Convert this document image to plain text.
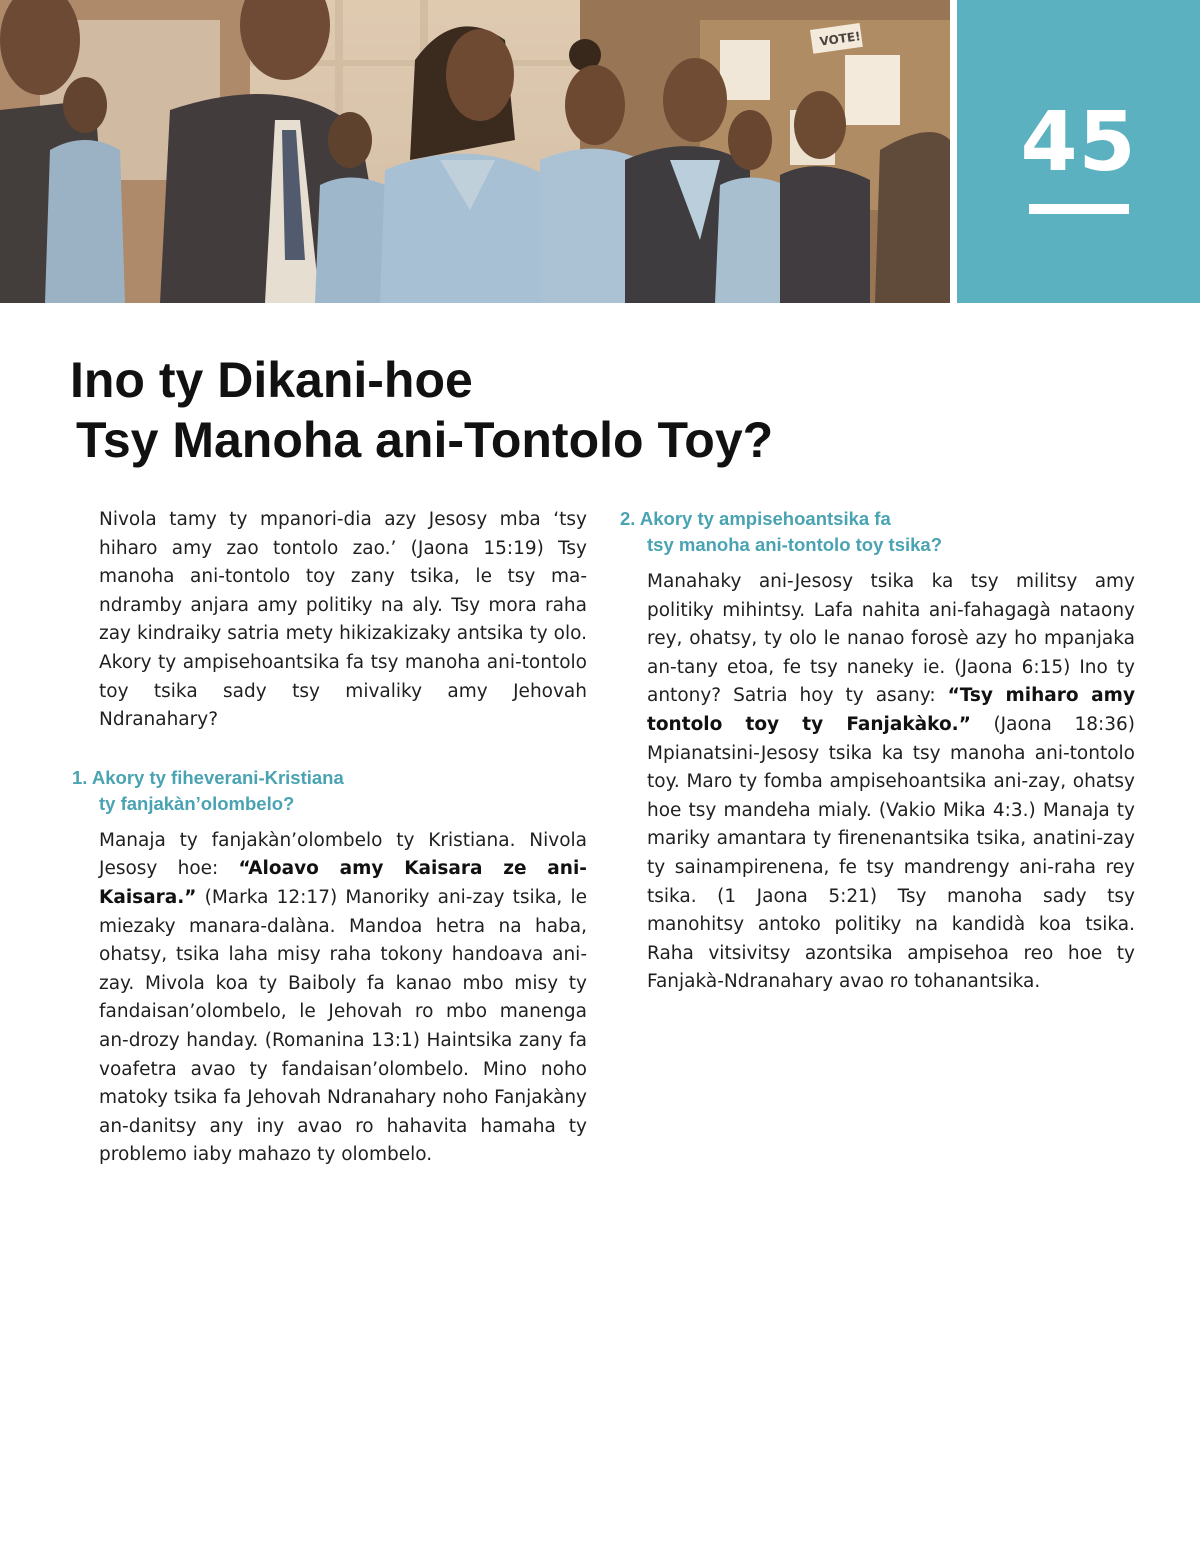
VOTE!
45
Ino ty Dikani-hoe
Tsy Manoha ani-Tontolo Toy?

Nivola tamy ty mpanori-dia azy Jesosy mba ‘tsy hiharo amy zao tontolo zao.’ (Jaona 15:19) Tsy manoha ani-tontolo toy zany tsika, le tsy mandramby anjara amy politiky na aly. Tsy mora raha zay kindraiky satria mety hikizakizaky antsika ty olo. Akory ty ampisehoantsika fa tsy manoha ani-tontolo toy tsika sady tsy mivaliky amy Jehovah Ndranahary?

1. Akory ty fiheverani-Kristiana
ty fanjakàn’olombelo?

Manaja ty fanjakàn’olombelo ty Kristiana. Nivola Jesosy hoe: “Aloavo amy Kaisara ze ani-Kaisara.” (Marka 12:17) Manoriky ani-zay tsika, le miezaky manara-dalàna. Mandoa hetra na haba, ohatsy, tsika laha misy raha tokony handoava ani-zay. Mivola koa ty Baiboly fa kanao mbo misy ty fandaisan’olombelo, le Jehovah ro mbo manenga an-drozy handay. (Romanina 13:1) Haintsika zany fa voafetra avao ty fandaisan’olombelo. Mino noho matoky tsika fa Jehovah Ndranahary noho Fanjakàny an-danitsy any iny avao ro hahavita hamaha ty problemo iaby mahazo ty olombelo.

2. Akory ty ampisehoantsika fa
tsy manoha ani-tontolo toy tsika?

Manahaky ani-Jesosy tsika ka tsy militsy amy politiky mihintsy. Lafa nahita ani-fahagagà nataony rey, ohatsy, ty olo le nanao forosè azy ho mpanjaka an-tany etoa, fe tsy naneky ie. (Jaona 6:15) Ino ty antony? Satria hoy ty asany: “Tsy miharo amy tontolo toy ty Fanjakàko.” (Jaona 18:36) Mpianatsini-Jesosy tsika ka tsy manoha ani-tontolo toy. Maro ty fomba ampisehoantsika ani-zay, ohatsy hoe tsy mandeha mialy. (Vakio Mika 4:3.) Manaja ty mariky amantara ty firenenantsika tsika, anatini-zay ty sainampirenena, fe tsy mandrengy ani-raha rey tsika. (1 Jaona 5:21) Tsy manoha sady tsy manohitsy antoko politiky na kandidà koa tsika. Raha vitsivitsy azontsika ampisehoa reo hoe ty Fanjakà-Ndranahary avao ro tohanantsika.
